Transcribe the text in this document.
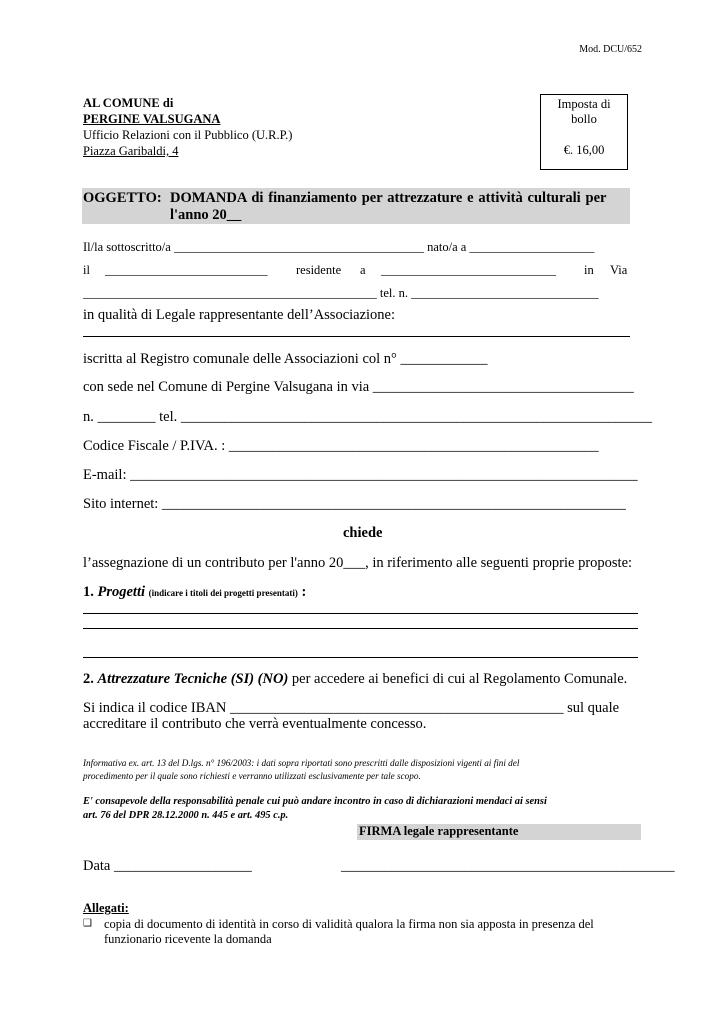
Mod. DCU/652
AL COMUNE di
PERGINE VALSUGANA
Ufficio Relazioni con il Pubblico (U.R.P.)
Piazza Garibaldi, 4
Imposta di
bollo
€. 16,00
OGGETTO: DOMANDA di finanziamento per attrezzature e attività culturali per
l'anno 20__
Il/la sottoscritto/a ________________________________________ nato/a a ____________________
il __________________________ residente a ____________________________ in Via
_______________________________________________ tel. n. ______________________________
in qualità di Legale rappresentante dell’Associazione:
iscritta al Registro comunale delle Associazioni col n° ____________
con sede nel Comune di Pergine Valsugana in via ____________________________________
n. ________ tel. _________________________________________________________________
Codice Fiscale / P.IVA. : ___________________________________________________
E-mail: ______________________________________________________________________
Sito internet: ________________________________________________________________
chiede
l’assegnazione di un contributo per l'anno 20___, in riferimento alle seguenti proprie proposte:
1. Progetti (indicare i titoli dei progetti presentati) :
2. Attrezzature Tecniche (SI) (NO) per accedere ai benefici di cui al Regolamento Comunale.
Si indica il codice IBAN ______________________________________________ sul quale
accreditare il contributo che verrà eventualmente concesso.
Informativa ex. art. 13 del D.lgs. n° 196/2003: i dati sopra riportati sono prescritti dalle disposizioni vigenti ai fini del
procedimento per il quale sono richiesti e verranno utilizzati esclusivamente per tale scopo.
E' consapevole della responsabilità penale cui può andare incontro in caso di dichiarazioni mendaci ai sensi
art. 76 del DPR 28.12.2000 n. 445 e art. 495 c.p.
FIRMA legale rappresentante
Data ___________________	______________________________________________
Allegati:
❑ copia di documento di identità in corso di validità qualora la firma non sia apposta in presenza del
funzionario ricevente la domanda
